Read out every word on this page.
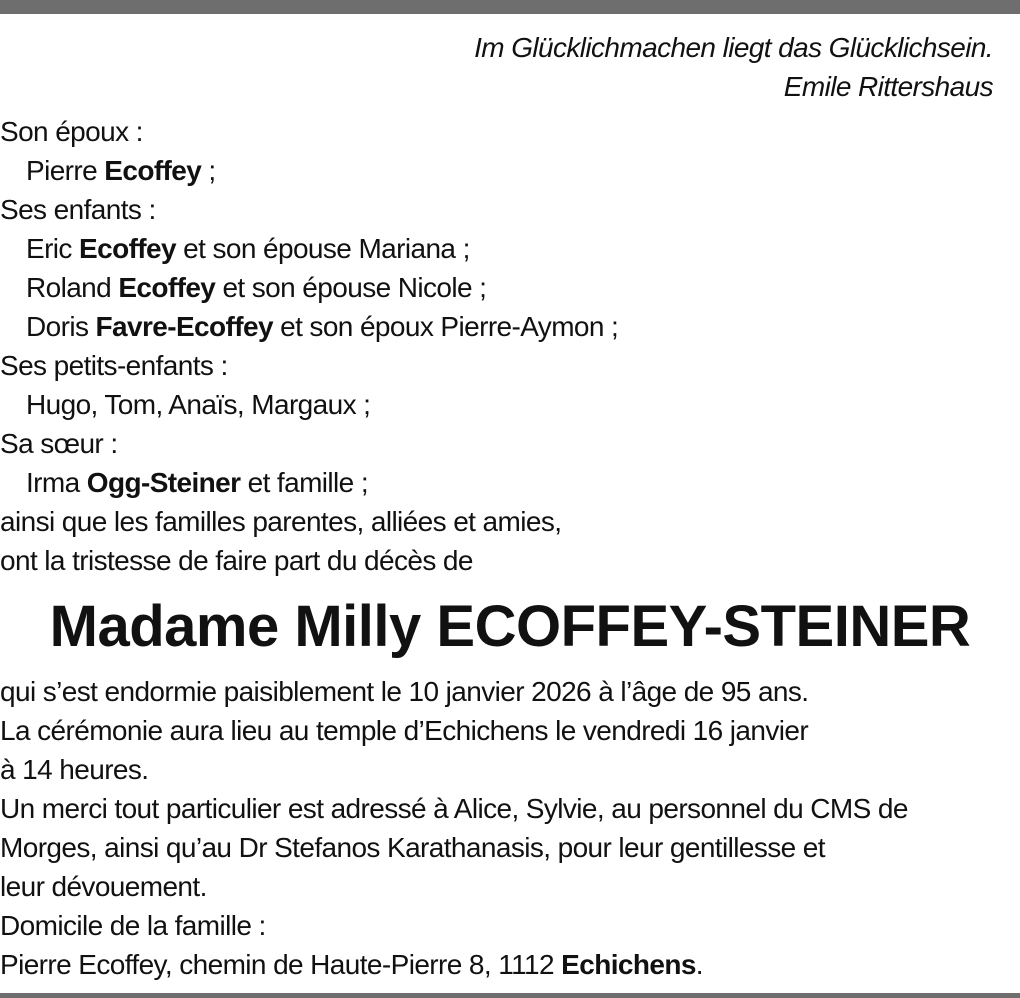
Im Glücklichmachen liegt das Glücklichsein.
Emile Rittershaus
Son époux :
Pierre Ecoffey ;
Ses enfants :
Eric Ecoffey et son épouse Mariana ;
Roland Ecoffey et son épouse Nicole ;
Doris Favre-Ecoffey et son époux Pierre-Aymon ;
Ses petits-enfants :
Hugo, Tom, Anaïs, Margaux ;
Sa sœur :
Irma Ogg-Steiner et famille ;
ainsi que les familles parentes, alliées et amies,
ont la tristesse de faire part du décès de
Madame Milly ECOFFEY-STEINER
qui s’est endormie paisiblement le 10 janvier 2026 à l’âge de 95 ans.
La cérémonie aura lieu au temple d’Echichens le vendredi 16 janvier
à 14 heures.
Un merci tout particulier est adressé à Alice, Sylvie, au personnel du CMS de
Morges, ainsi qu’au Dr Stefanos Karathanasis, pour leur gentillesse et
leur dévouement.
Domicile de la famille :
Pierre Ecoffey, chemin de Haute-Pierre 8, 1112 Echichens.
